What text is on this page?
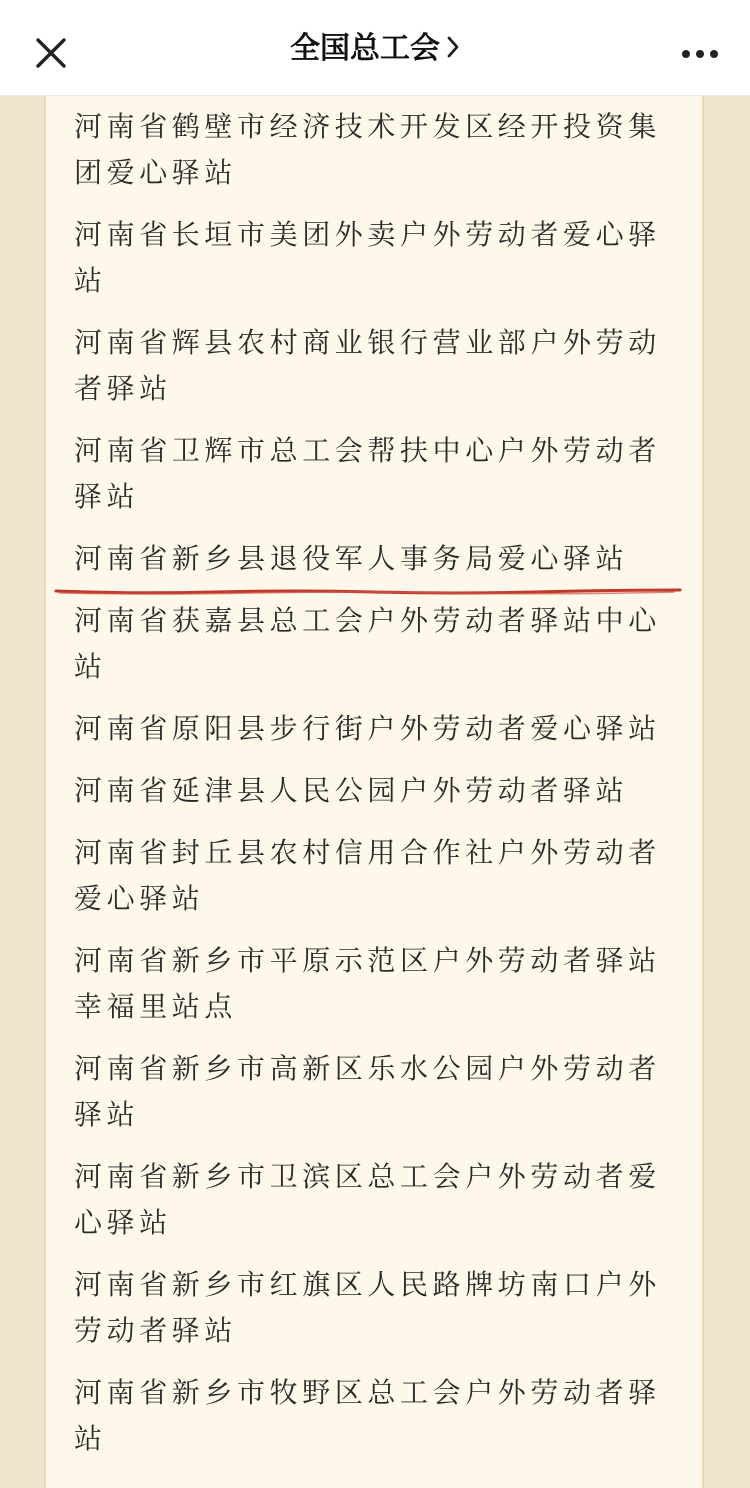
全国总工会
河南省鹤壁市经济技术开发区经开投资集团爱心驿站
河南省长垣市美团外卖户外劳动者爱心驿站
河南省辉县农村商业银行营业部户外劳动者驿站
河南省卫辉市总工会帮扶中心户外劳动者驿站
河南省新乡县退役军人事务局爱心驿站
河南省获嘉县总工会户外劳动者驿站中心站
河南省原阳县步行街户外劳动者爱心驿站
河南省延津县人民公园户外劳动者驿站
河南省封丘县农村信用合作社户外劳动者爱心驿站
河南省新乡市平原示范区户外劳动者驿站幸福里站点
河南省新乡市高新区乐水公园户外劳动者驿站
河南省新乡市卫滨区总工会户外劳动者爱心驿站
河南省新乡市红旗区人民路牌坊南口户外劳动者驿站
河南省新乡市牧野区总工会户外劳动者驿站
